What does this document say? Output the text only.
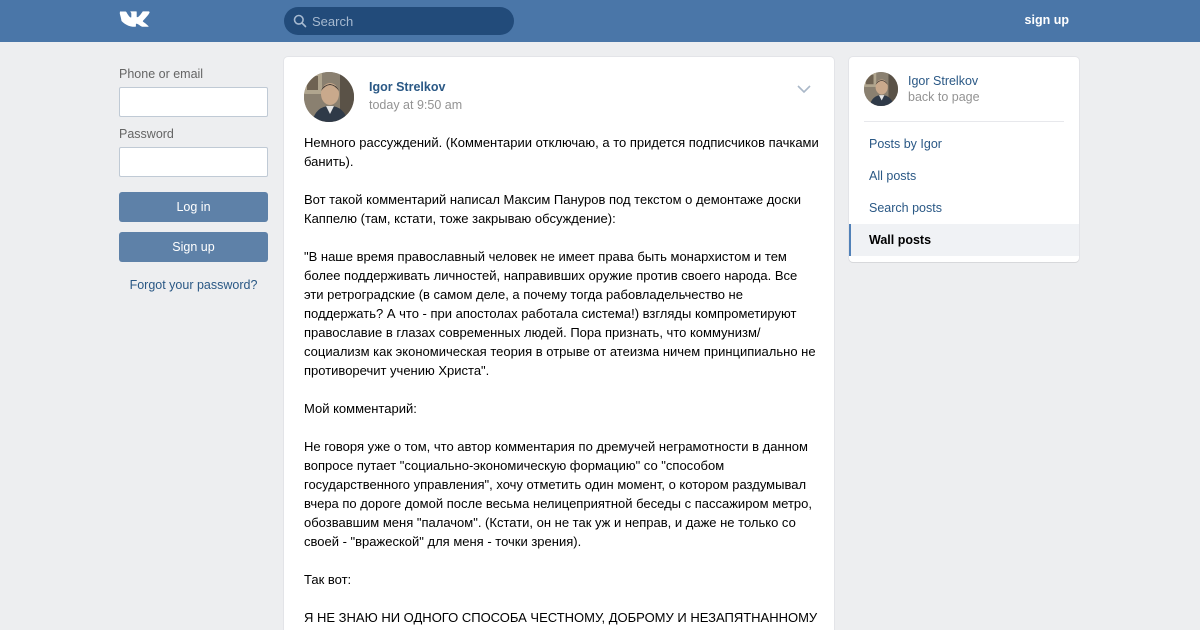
Search
sign up
Phone or email
Password
Log in
Sign up
Forgot your password?
Igor Strelkov
today at 9:50 am

Немного рассуждений. (Комментарии отключаю, а то придется подписчиков пачками банить).

Вот такой комментарий написал Максим Пануров под текстом о демонтаже доски Каппелю (там, кстати, тоже закрываю обсуждение):

"В наше время православный человек не имеет права быть монархистом и тем более поддерживать личностей, направивших оружие против своего народа. Все эти ретроградские (в самом деле, а почему тогда рабовладельчество не поддержать? А что - при апостолах работала система!) взгляды компрометируют православие в глазах современных людей. Пора признать, что коммунизм/социализм как экономическая теория в отрыве от атеизма ничем принципиально не противоречит учению Христа".

Мой комментарий:

Не говоря уже о том, что автор комментария по дремучей неграмотности в данном вопросе путает "социально-экономическую формацию" со "способом государственного управления", хочу отметить один момент, о котором раздумывал вчера по дороге домой после весьма нелицеприятной беседы с пассажиром метро, обозвавшим меня "палачом". (Кстати, он не так уж и неправ, и даже не только со своей - "вражеской" для меня - точки зрения).

Так вот:

Я НЕ ЗНАЮ НИ ОДНОГО СПОСОБА ЧЕСТНОМУ, ДОБРОМУ И НЕЗАПЯТНАННОМУ

Igor Strelkov
back to page
Posts by Igor
All posts
Search posts
Wall posts
